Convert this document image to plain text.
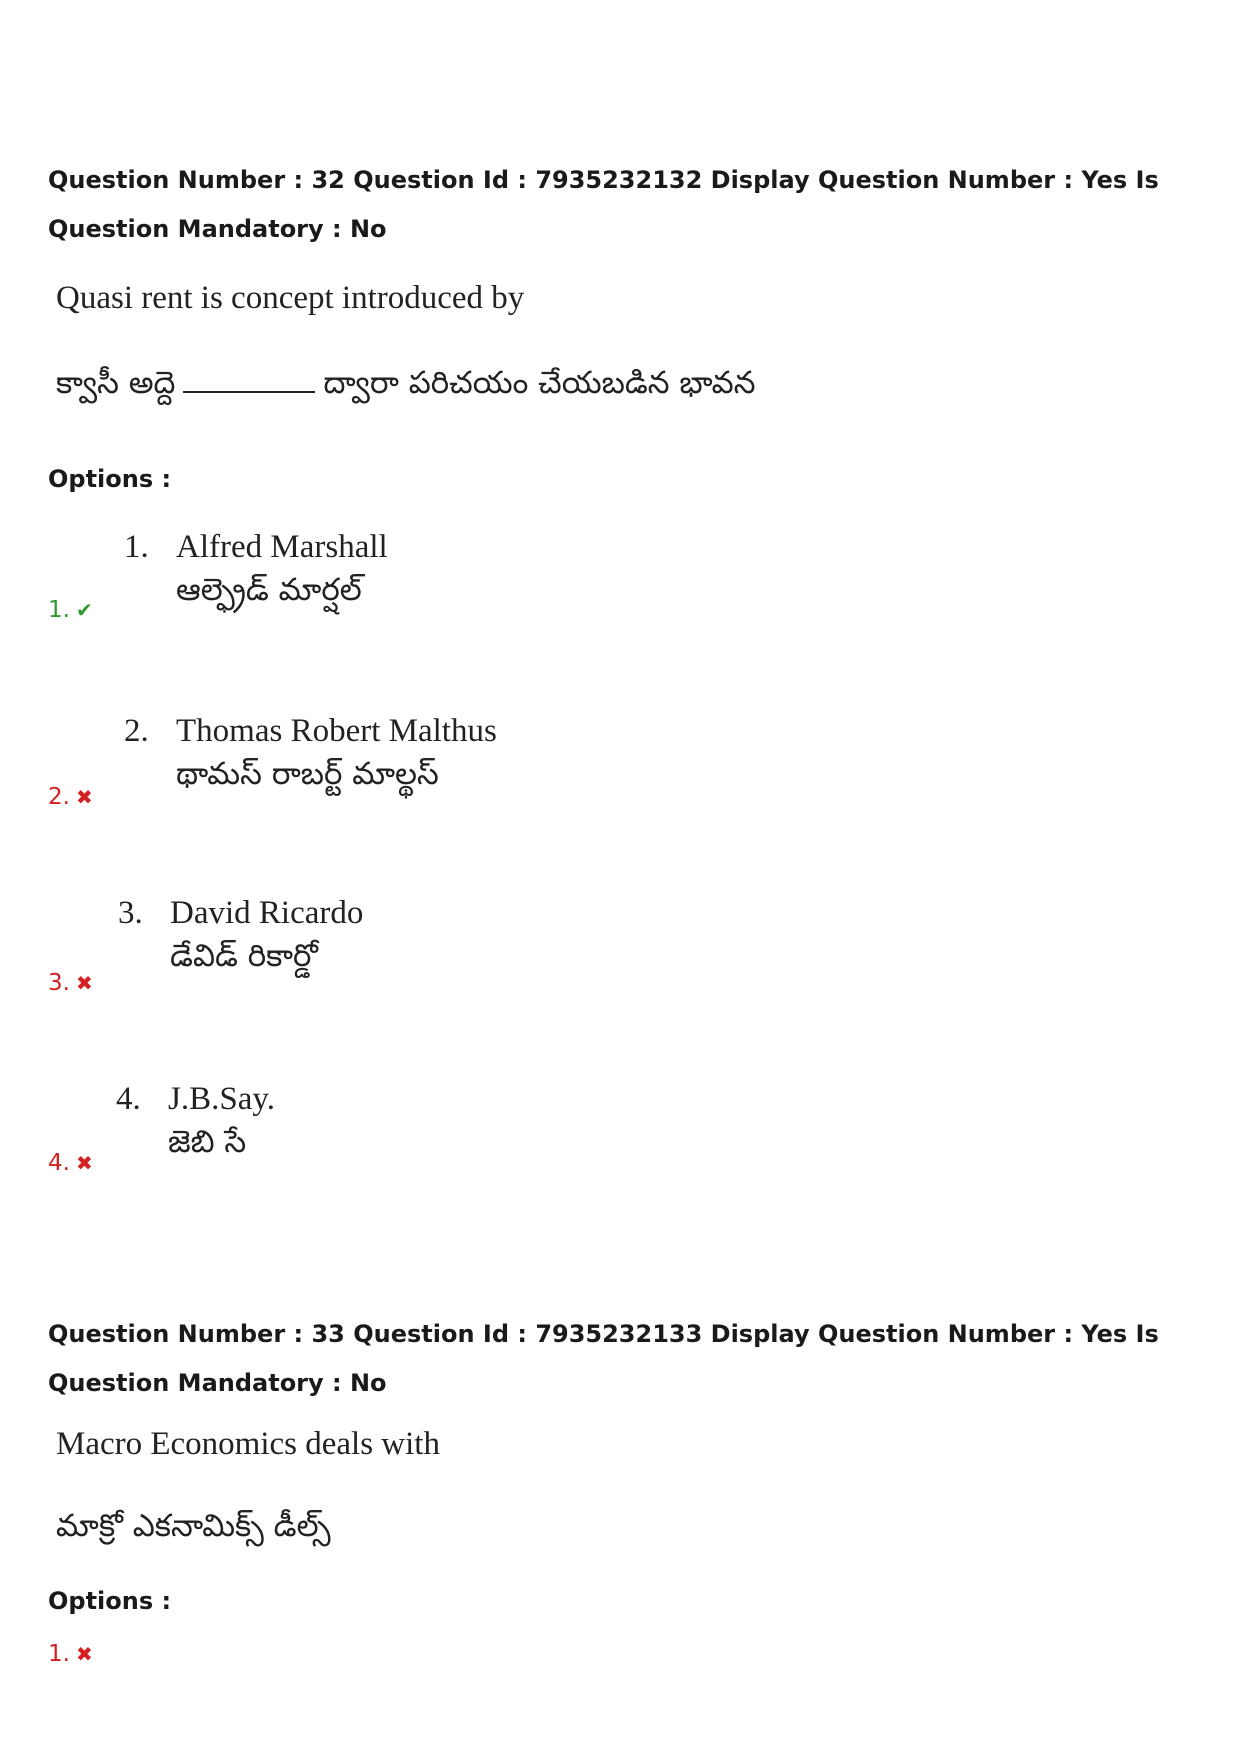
Question Number : 32 Question Id : 7935232132 Display Question Number : Yes Is Question Mandatory : No
Quasi rent is concept introduced by
క్వాసీ అద్దె	ద్వారా పరిచయం చేయబడిన భావన
Options :
1. Alfred Marshall
ఆల్ఫ్రెడ్ మార్షల్
1. ✔
2. Thomas Robert Malthus
థామస్ రాబర్ట్ మాల్థస్
2. ✖
3. David Ricardo
డేవిడ్ రికార్డో
3. ✖
4. J.B.Say.
జెబి సే
4. ✖
Question Number : 33 Question Id : 7935232133 Display Question Number : Yes Is Question Mandatory : No
Macro Economics deals with
మాక్రో ఎకనామిక్స్ డీల్స్
Options :
1. ✖
